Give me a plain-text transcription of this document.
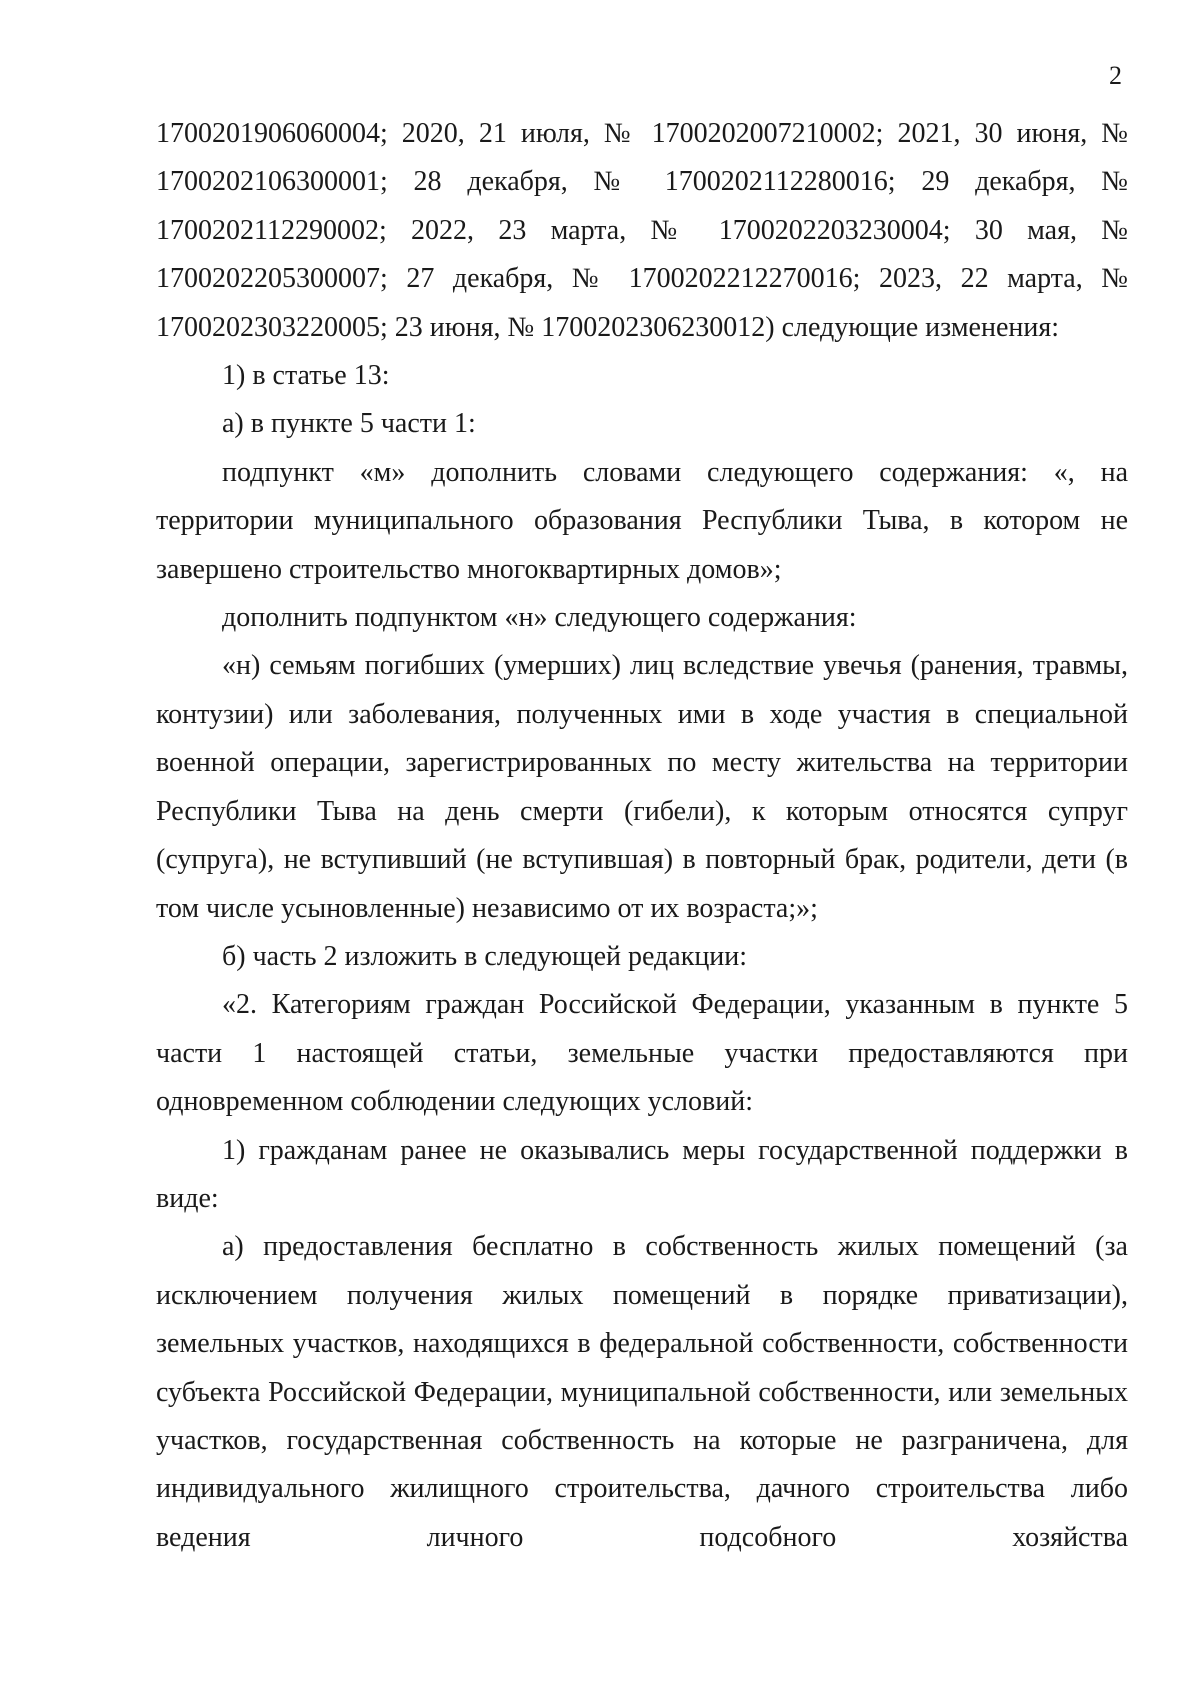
2

1700201906060004; 2020, 21 июля, № 1700202007210002; 2021, 30 июня, № 1700202106300001; 28 декабря, № 1700202112280016; 29 декабря, № 1700202112290002; 2022, 23 марта, № 1700202203230004; 30 мая, № 1700202205300007; 27 декабря, № 1700202212270016; 2023, 22 марта, № 1700202303220005; 23 июня, № 1700202306230012) следующие изменения:

1) в статье 13:

а) в пункте 5 части 1:

подпункт «м» дополнить словами следующего содержания: «, на территории муниципального образования Республики Тыва, в котором не завершено строительство многоквартирных домов»;

дополнить подпунктом «н» следующего содержания:

«н) семьям погибших (умерших) лиц вследствие увечья (ранения, травмы, контузии) или заболевания, полученных ими в ходе участия в специальной военной операции, зарегистрированных по месту жительства на территории Республики Тыва на день смерти (гибели), к которым относятся супруг (супруга), не вступивший (не вступившая) в повторный брак, родители, дети (в том числе усыновленные) независимо от их возраста;»;

б) часть 2 изложить в следующей редакции:

«2. Категориям граждан Российской Федерации, указанным в пункте 5 части 1 настоящей статьи, земельные участки предоставляются при одновременном соблюдении следующих условий:

1) гражданам ранее не оказывались меры государственной поддержки в виде:

а) предоставления бесплатно в собственность жилых помещений (за исключением получения жилых помещений в порядке приватизации), земельных участков, находящихся в федеральной собственности, собственности субъекта Российской Федерации, муниципальной собственности, или земельных участков, государственная собственность на которые не разграничена, для индивидуального жилищного строительства, дачного строительства либо ведения личного подсобного хозяйства
